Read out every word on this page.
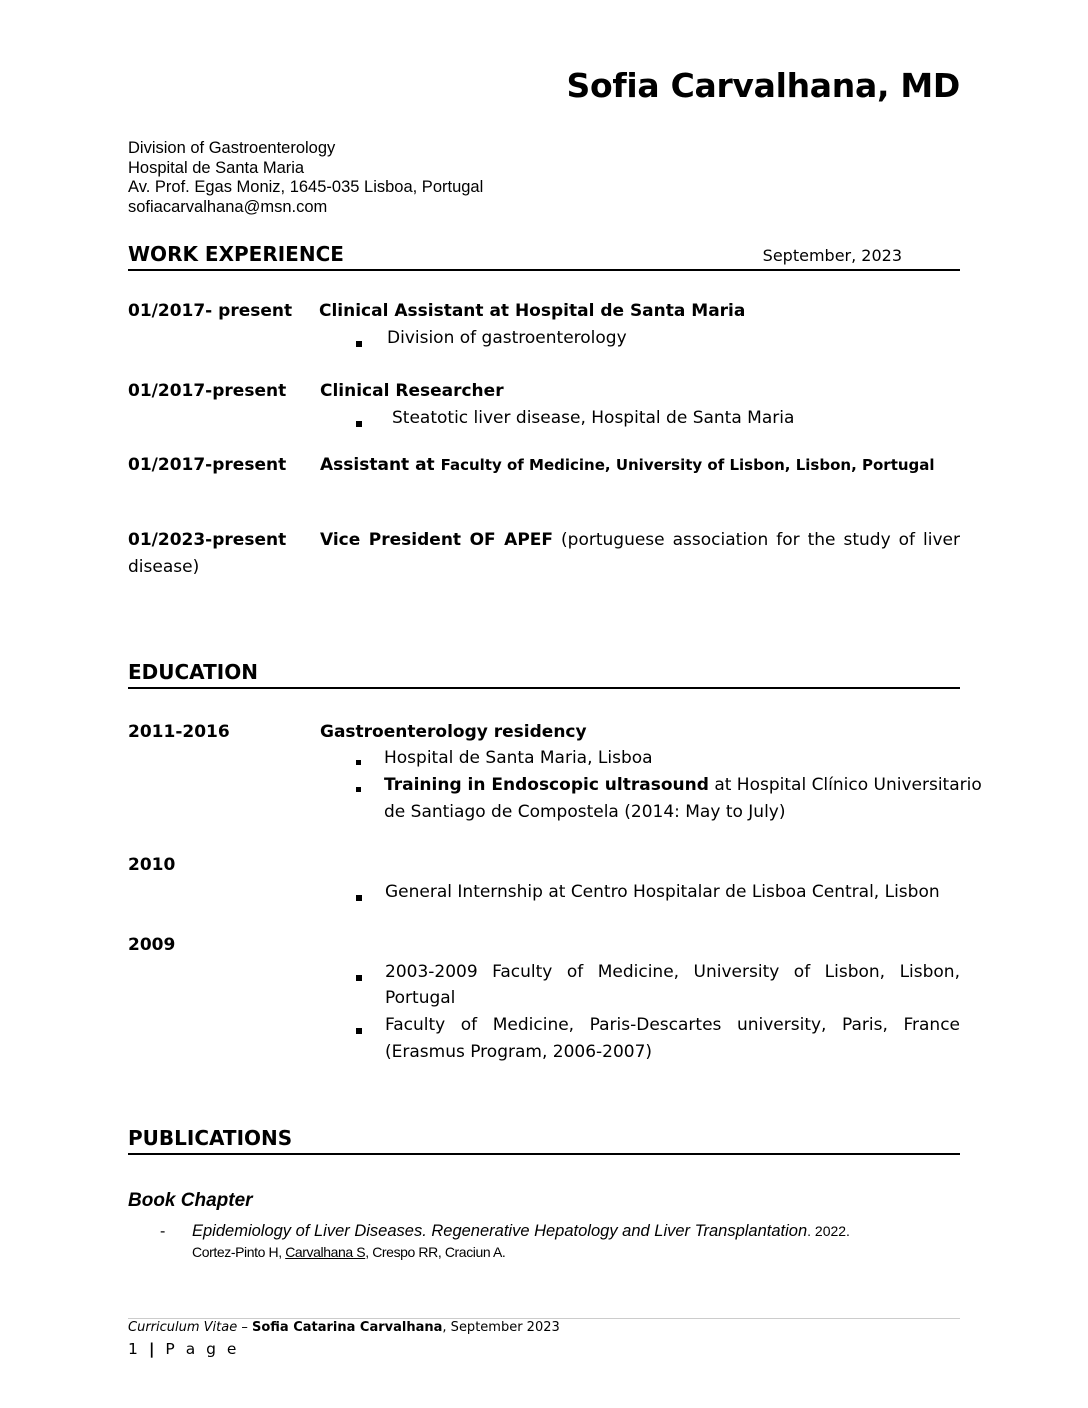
Sofia Carvalhana, MD
Division of Gastroenterology
Hospital de Santa Maria
Av. Prof. Egas Moniz, 1645-035 Lisboa, Portugal
sofiacarvalhana@msn.com
WORK EXPERIENCE	September, 2023
01/2017- present Clinical Assistant at Hospital de Santa Maria
Division of gastroenterology
01/2017-present Clinical Researcher
Steatotic liver disease, Hospital de Santa Maria
01/2017-present Assistant at Faculty of Medicine, University of Lisbon, Lisbon, Portugal
01/2023-present Vice President OF APEF (portuguese association for the study of liver
disease)
EDUCATION
2011-2016	Gastroenterology residency
Hospital de Santa Maria, Lisboa
Training in Endoscopic ultrasound at Hospital Clínico Universitario
de Santiago de Compostela (2014: May to July)
2010
General Internship at Centro Hospitalar de Lisboa Central, Lisbon
2009
2003-2009 Faculty of Medicine, University of Lisbon, Lisbon,
Portugal
Faculty of Medicine, Paris-Descartes university, Paris, France
(Erasmus Program, 2006-2007)
PUBLICATIONS
Book Chapter
- Epidemiology of Liver Diseases. Regenerative Hepatology and Liver Transplantation. 2022.
Cortez-Pinto H, Carvalhana S, Crespo RR, Craciun A.
Curriculum Vitae – Sofia Catarina Carvalhana, September 2023
1 | P a g e
